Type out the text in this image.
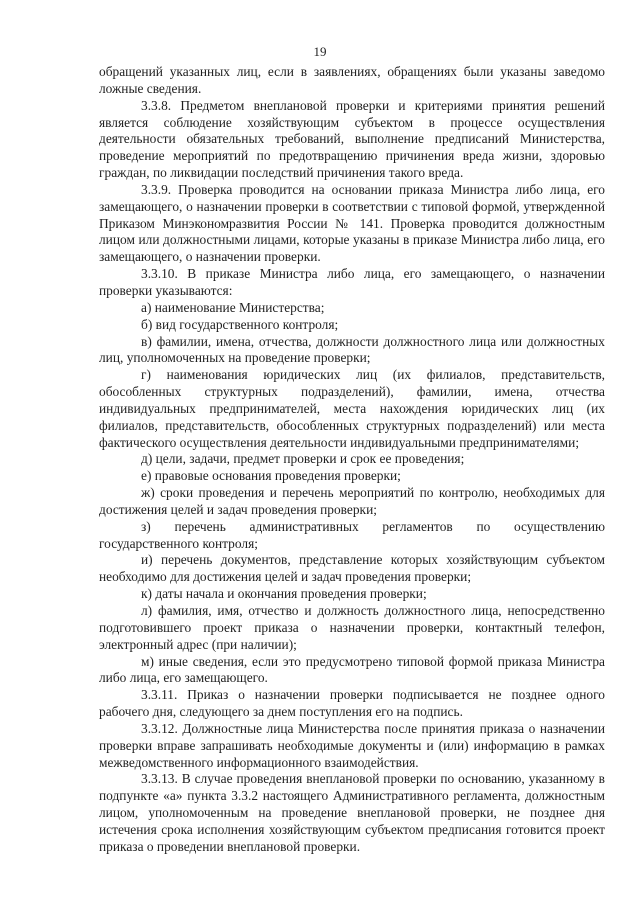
19

обращений указанных лиц, если в заявлениях, обращениях были указаны заведомо ложные сведения.

3.3.8. Предметом внеплановой проверки и критериями принятия решений является соблюдение хозяйствующим субъектом в процессе осуществления деятельности обязательных требований, выполнение предписаний Министерства, проведение мероприятий по предотвращению причинения вреда жизни, здоровью граждан, по ликвидации последствий причинения такого вреда.

3.3.9. Проверка проводится на основании приказа Министра либо лица, его замещающего, о назначении проверки в соответствии с типовой формой, утвержденной Приказом Минэкономразвития России № 141. Проверка проводится должностным лицом или должностными лицами, которые указаны в приказе Министра либо лица, его замещающего, о назначении проверки.

3.3.10. В приказе Министра либо лица, его замещающего, о назначении проверки указываются:

а) наименование Министерства;

б) вид государственного контроля;

в) фамилии, имена, отчества, должности должностного лица или должностных лиц, уполномоченных на проведение проверки;

г) наименования юридических лиц (их филиалов, представительств, обособленных структурных подразделений), фамилии, имена, отчества индивидуальных предпринимателей, места нахождения юридических лиц (их филиалов, представительств, обособленных структурных подразделений) или места фактического осуществления деятельности индивидуальными предпринимателями;

д) цели, задачи, предмет проверки и срок ее проведения;

е) правовые основания проведения проверки;

ж) сроки проведения и перечень мероприятий по контролю, необходимых для достижения целей и задач проведения проверки;

з) перечень административных регламентов по осуществлению государственного контроля;

и) перечень документов, представление которых хозяйствующим субъектом необходимо для достижения целей и задач проведения проверки;

к) даты начала и окончания проведения проверки;

л) фамилия, имя, отчество и должность должностного лица, непосредственно подготовившего проект приказа о назначении проверки, контактный телефон, электронный адрес (при наличии);

м) иные сведения, если это предусмотрено типовой формой приказа Министра либо лица, его замещающего.

3.3.11. Приказ о назначении проверки подписывается не позднее одного рабочего дня, следующего за днем поступления его на подпись.

3.3.12. Должностные лица Министерства после принятия приказа о назначении проверки вправе запрашивать необходимые документы и (или) информацию в рамках межведомственного информационного взаимодействия.

3.3.13. В случае проведения внеплановой проверки по основанию, указанному в подпункте «а» пункта 3.3.2 настоящего Административного регламента, должностным лицом, уполномоченным на проведение внеплановой проверки, не позднее дня истечения срока исполнения хозяйствующим субъектом предписания готовится проект приказа о проведении внеплановой проверки.
